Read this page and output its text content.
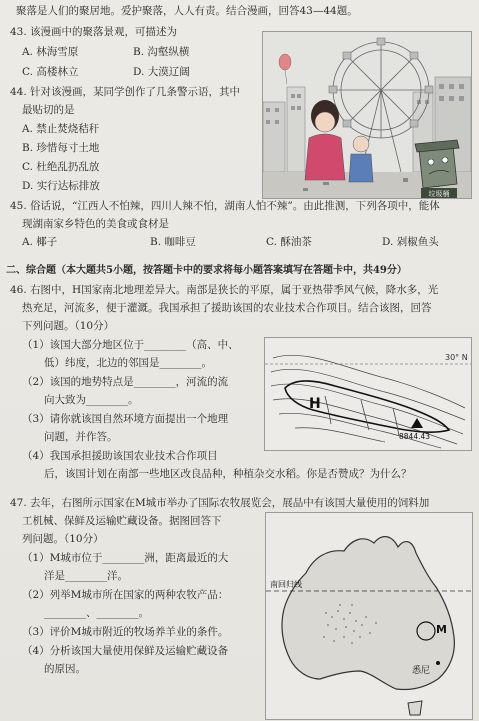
聚落是人们的聚居地。爱护聚落，人人有责。结合漫画，回答43—44题。
43. 该漫画中的聚落景观，可描述为
A. 林海雪原	B. 沟壑纵横
C. 高楼林立	D. 大漠辽阔
44. 针对该漫画，某同学创作了几条警示语，其中
最贴切的是
A. 禁止焚烧秸秆
B. 珍惜每寸土地
C. 杜绝乱扔乱放
D. 实行达标排放
垃圾桶
45. 俗话说，“江西人不怕辣，四川人辣不怕，湖南人怕不辣”。由此推测，下列各项中，能体
现湖南家乡特色的美食或食材是
A. 椰子	B. 咖啡豆	C. 酥油茶	D. 剁椒鱼头
二、综合题（本大题共5小题，按答题卡中的要求将每小题答案填写在答题卡中，共49分）
46. 右图中，H国家南北地理差异大。南部是狭长的平原，属于亚热带季风气候，降水多，光
热充足，河流多，便于灌溉。我国承担了援助该国的农业技术合作项目。结合该图，回答
下列问题。（10分）
（1）该国大部分地区位于________（高、中、
低）纬度，北边的邻国是________。
（2）该国的地势特点是________，河流的流
向大致为________。
（3）请你就该国自然环境方面提出一个地理
问题，并作答。
（4）我国承担援助该国农业技术合作项目
后，该国计划在南部一些地区改良品种，种植杂交水稻。你是否赞成？为什么？
30° N
H
8844.43
47. 去年，右图所示国家在M城市举办了国际农牧展览会，展品中有该国大量使用的饲料加
工机械、保鲜及运输贮藏设备。据图回答下
列问题。（10分）
（1）M城市位于________洲，距离最近的大
洋是________洋。
（2）列举M城市所在国家的两种农牧产品：
________、________。
（3）评价M城市附近的牧场养羊业的条件。
（4）分析该国大量使用保鲜及运输贮藏设备
的原因。
南回归线
M
悉尼
